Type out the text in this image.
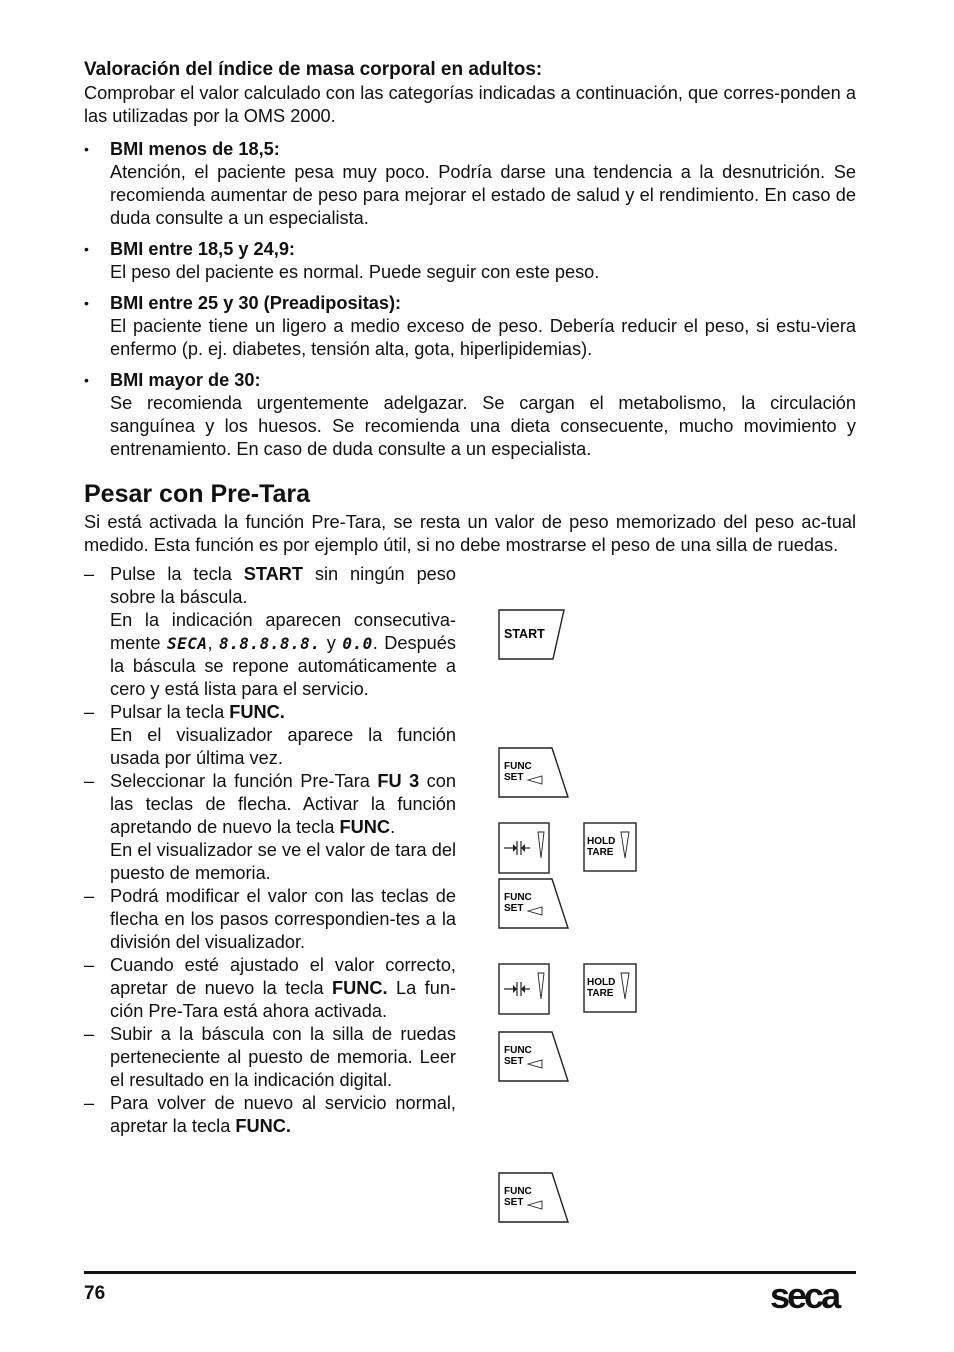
Valoración del índice de masa corporal en adultos:

Comprobar el valor calculado con las categorías indicadas a continuación, que corres-ponden a las utilizadas por la OMS 2000.

• BMI menos de 18,5:

Atención, el paciente pesa muy poco. Podría darse una tendencia a la desnutrición. Se recomienda aumentar de peso para mejorar el estado de salud y el rendimiento. En caso de duda consulte a un especialista.

• BMI entre 18,5 y 24,9:

El peso del paciente es normal. Puede seguir con este peso.

• BMI entre 25 y 30 (Preadipositas):

El paciente tiene un ligero a medio exceso de peso. Debería reducir el peso, si estu-viera enfermo (p. ej. diabetes, tensión alta, gota, hiperlipidemias).

• BMI mayor de 30:

Se recomienda urgentemente adelgazar. Se cargan el metabolismo, la circulación sanguínea y los huesos. Se recomienda una dieta consecuente, mucho movimiento y entrenamiento. En caso de duda consulte a un especialista.

Pesar con Pre-Tara

Si está activada la función Pre-Tara, se resta un valor de peso memorizado del peso ac-tual medido. Esta función es por ejemplo útil, si no debe mostrarse el peso de una silla de ruedas.

– Pulse la tecla START sin ningún peso sobre la báscula.

En la indicación aparecen consecutiva-mente SECA, 8.8.8.8.8. y 0.0. Después la báscula se repone automáticamente a cero y está lista para el servicio.

– Pulsar la tecla FUNC.

En el visualizador aparece la función usada por última vez.

– Seleccionar la función Pre-Tara FU 3 con las teclas de flecha. Activar la función apretando de nuevo la tecla FUNC.

En el visualizador se ve el valor de tara del puesto de memoria.

– Podrá modificar el valor con las teclas de flecha en los pasos correspondien-tes a la división del visualizador.

– Cuando esté ajustado el valor correcto, apretar de nuevo la tecla FUNC. La fun-ción Pre-Tara está ahora activada.

– Subir a la báscula con la silla de ruedas perteneciente al puesto de memoria. Leer el resultado en la indicación digital.

– Para volver de nuevo al servicio normal, apretar la tecla FUNC.

START
FUNC
SET
HOLD
TARE
FUNC
SET
HOLD
TARE
FUNC
SET
FUNC
SET
76	seca
